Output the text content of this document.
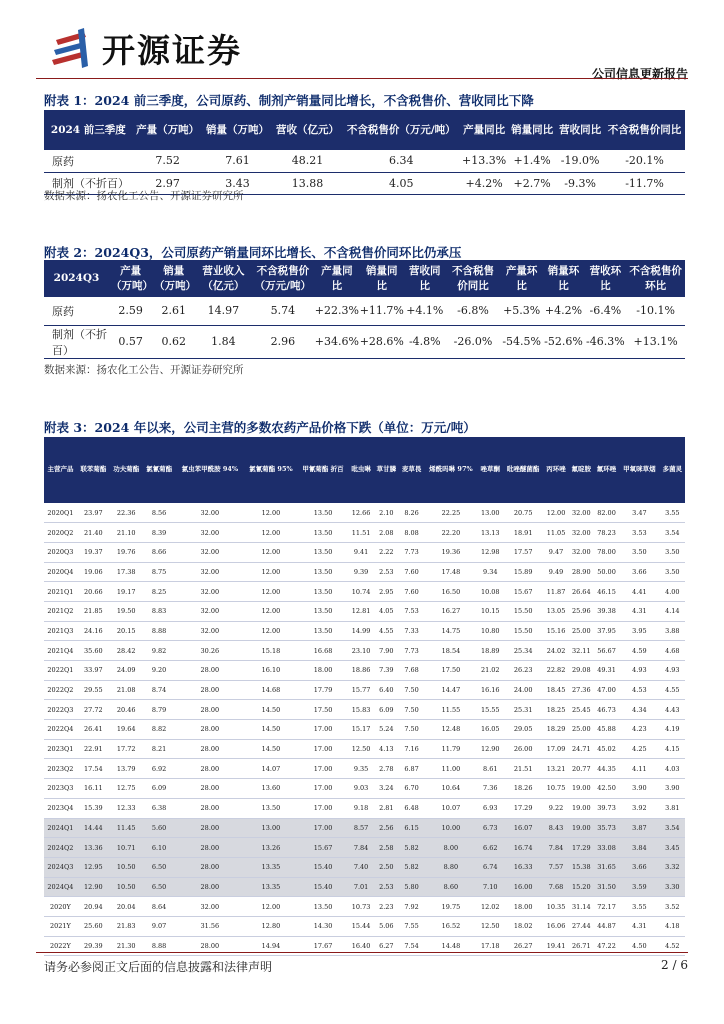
开源证券
公司信息更新报告
附表 1：2024 前三季度，公司原药、制剂产销量同比增长，不含税售价、营收同比下降
2024 前三季度	产量（万吨）	销量（万吨）	营收（亿元）	不含税售价（万元/吨）	产量同比	销量同比	营收同比	不含税售价同比
原药	7.52	7.61	48.21	6.34	+13.3%	+1.4%	-19.0%	-20.1%
制剂（不折百）	2.97	3.43	13.88	4.05	+4.2%	+2.7%	-9.3%	-11.7%
数据来源：扬农化工公告、开源证券研究所
附表 2：2024Q3，公司原药产销量同环比增长、不含税售价同环比仍承压
2024Q3	产量（万吨）	销量（万吨）	营业收入（亿元）	不含税售价（万元/吨）	产量同比	销量同比	营收同比	不含税售价同比	产量环比	销量环比	营收环比	不含税售价环比
原药	2.59	2.61	14.97	5.74	+22.3%	+11.7%	+4.1%	-6.8%	+5.3%	+4.2%	-6.4%	-10.1%
制剂（不折百）	0.57	0.62	1.84	2.96	+34.6%	+28.6%	-4.8%	-26.0%	-54.5%	-52.6%	-46.3%	+13.1%
数据来源：扬农化工公告、开源证券研究所
附表 3：2024 年以来，公司主营的多数农药产品价格下跌（单位：万元/吨）
主营产品	联苯菊酯	功夫菊酯	氯氰菊酯	氯虫苯甲酰胺 94%	氯氰菊酯 95%	甲氰菊酯 折百	吡虫啉	草甘膦	麦草畏	烯酰吗啉 97%	唑草酮	吡唑醚菌酯	丙环唑	氟啶胺	氟环唑	甲氧咪草烟	多菌灵
2020Q1	23.97	22.36	8.56	32.00	12.00	13.50	12.66	2.10	8.26	22.25	13.00	20.75	12.00	32.00	82.00	3.47	3.55
2020Q2	21.40	21.10	8.39	32.00	12.00	13.50	11.51	2.08	8.08	22.20	13.13	18.91	11.05	32.00	78.23	3.53	3.54
2020Q3	19.37	19.76	8.66	32.00	12.00	13.50	9.41	2.22	7.73	19.36	12.98	17.57	9.47	32.00	78.00	3.50	3.50
2020Q4	19.06	17.38	8.75	32.00	12.00	13.50	9.39	2.53	7.60	17.48	9.34	15.89	9.49	28.90	50.00	3.66	3.50
2021Q1	20.66	19.17	8.25	32.00	12.00	13.50	10.74	2.95	7.60	16.50	10.08	15.67	11.87	26.64	46.15	4.41	4.00
2021Q2	21.85	19.50	8.83	32.00	12.00	13.50	12.81	4.05	7.53	16.27	10.15	15.50	13.05	25.96	39.38	4.31	4.14
2021Q3	24.16	20.15	8.88	32.00	12.00	13.50	14.99	4.55	7.33	14.75	10.80	15.50	15.16	25.00	37.95	3.95	3.88
2021Q4	35.60	28.42	9.82	30.26	15.18	16.68	23.10	7.90	7.73	18.54	18.89	25.34	24.02	32.11	56.67	4.59	4.68
2022Q1	33.97	24.09	9.20	28.00	16.10	18.00	18.86	7.39	7.68	17.50	21.02	26.23	22.82	29.08	49.31	4.93	4.93
2022Q2	29.55	21.08	8.74	28.00	14.68	17.79	15.77	6.40	7.50	14.47	16.16	24.00	18.45	27.36	47.00	4.53	4.55
2022Q3	27.72	20.46	8.79	28.00	14.50	17.50	15.83	6.09	7.50	11.55	15.55	25.31	18.25	25.45	46.73	4.34	4.43
2022Q4	26.41	19.64	8.82	28.00	14.50	17.00	15.17	5.24	7.50	12.48	16.05	29.05	18.29	25.00	45.88	4.23	4.19
2023Q1	22.91	17.72	8.21	28.00	14.50	17.00	12.50	4.13	7.16	11.79	12.90	26.00	17.09	24.71	45.02	4.25	4.15
2023Q2	17.54	13.79	6.92	28.00	14.07	17.00	9.35	2.78	6.87	11.00	8.61	21.51	13.21	20.77	44.35	4.11	4.03
2023Q3	16.11	12.75	6.09	28.00	13.60	17.00	9.03	3.24	6.70	10.64	7.36	18.26	10.75	19.00	42.50	3.90	3.90
2023Q4	15.39	12.33	6.38	28.00	13.50	17.00	9.18	2.81	6.48	10.07	6.93	17.29	9.22	19.00	39.73	3.92	3.81
2024Q1	14.44	11.45	5.60	28.00	13.00	17.00	8.57	2.56	6.15	10.00	6.73	16.07	8.43	19.00	35.73	3.87	3.54
2024Q2	13.36	10.71	6.10	28.00	13.26	15.67	7.84	2.58	5.82	8.00	6.62	16.74	7.84	17.29	33.08	3.84	3.45
2024Q3	12.95	10.50	6.50	28.00	13.35	15.40	7.40	2.50	5.82	8.80	6.74	16.33	7.57	15.38	31.65	3.66	3.32
2024Q4	12.90	10.50	6.50	28.00	13.35	15.40	7.01	2.53	5.80	8.60	7.10	16.00	7.68	15.20	31.50	3.59	3.30
2020Y	20.94	20.04	8.64	32.00	12.00	13.50	10.73	2.23	7.92	19.75	12.02	18.00	10.35	31.14	72.17	3.55	3.52
2021Y	25.60	21.83	9.07	31.56	12.80	14.30	15.44	5.06	7.55	16.52	12.50	18.02	16.06	27.44	44.87	4.31	4.18
2022Y	29.39	21.30	8.88	28.00	14.94	17.67	16.40	6.27	7.54	14.48	17.18	26.27	19.41	26.71	47.22	4.50	4.52
请务必参阅正文后面的信息披露和法律声明	2 / 6
